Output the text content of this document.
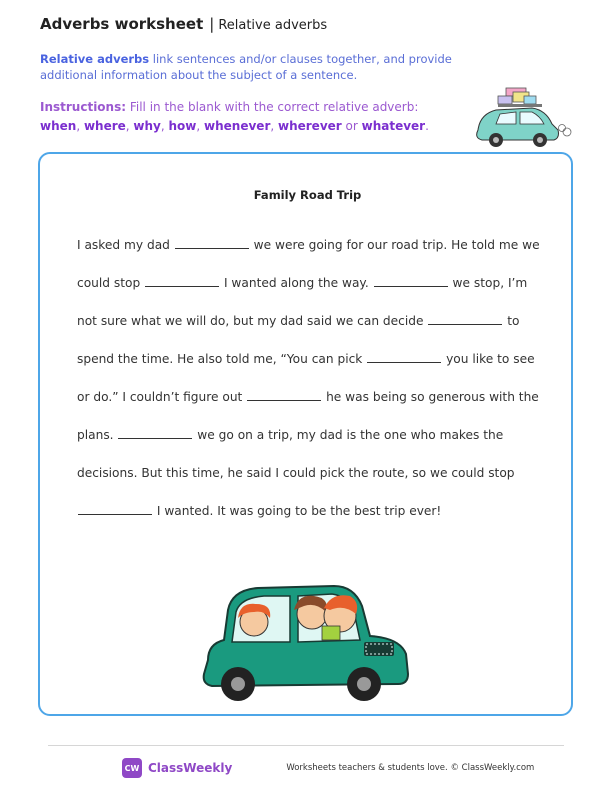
Adverbs worksheet | Relative adverbs
Relative adverbs link sentences and/or clauses together, and provide additional information about the subject of a sentence.
Instructions: Fill in the blank with the correct relative adverb:
when, where, why, how, whenever, wherever or whatever.
Family Road Trip
I asked my dad	we were going for our road trip. He told me we
could stop	I wanted along the way.	we stop, I’m
not sure what we will do, but my dad said we can decide	to
spend the time. He also told me, “You can pick	you like to see
or do.” I couldn’t figure out	he was being so generous with the
plans.	we go on a trip, my dad is the one who makes the
decisions. But this time, he said I could pick the route, so we could stop
I wanted. It was going to be the best trip ever!
CW ClassWeekly	Worksheets teachers & students love. © ClassWeekly.com
